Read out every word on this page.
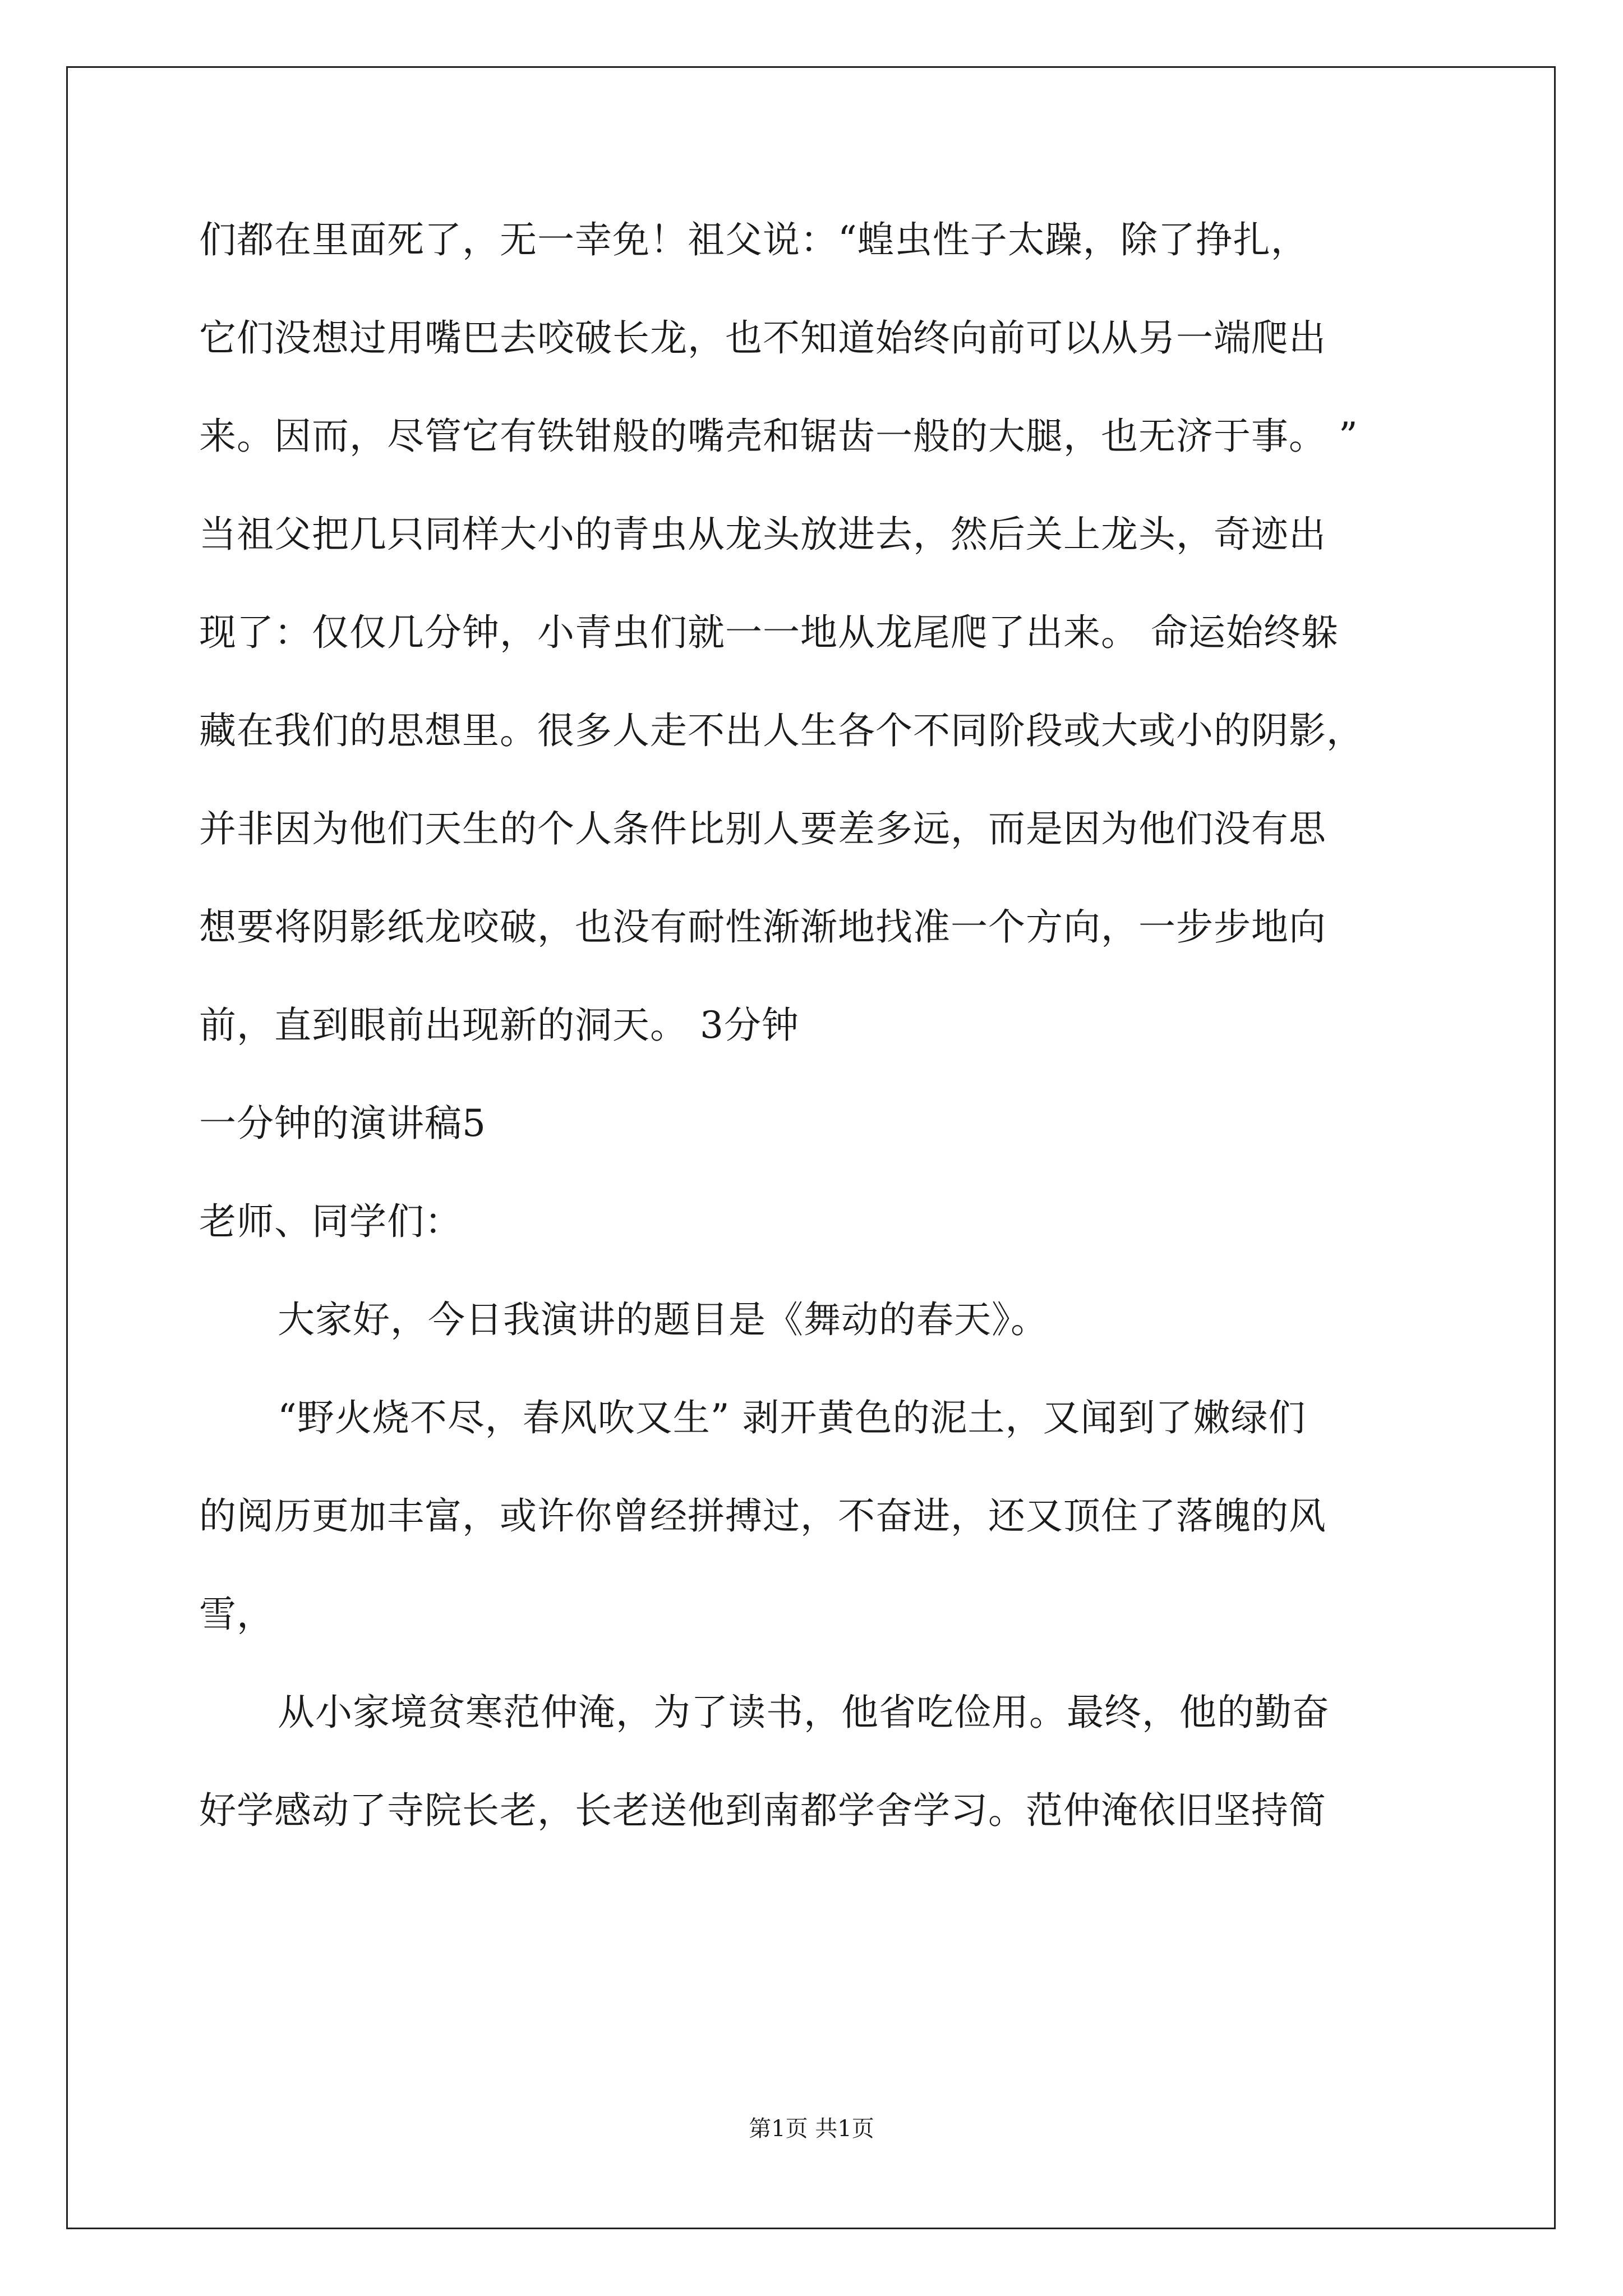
们都在里面死了，无一幸免！祖父说：“蝗虫性子太躁，除了挣扎，
它们没想过用嘴巴去咬破长龙，也不知道始终向前可以从另一端爬出
来。因而，尽管它有铁钳般的嘴壳和锯齿一般的大腿，也无济于事。 ”
当祖父把几只同样大小的青虫从龙头放进去，然后关上龙头，奇迹出
现了：仅仅几分钟，小青虫们就一一地从龙尾爬了出来。 命运始终躲
藏在我们的思想里。很多人走不出人生各个不同阶段或大或小的阴影，
并非因为他们天生的个人条件比别人要差多远，而是因为他们没有思
想要将阴影纸龙咬破，也没有耐性渐渐地找准一个方向，一步步地向
前，直到眼前出现新的洞天。 3分钟
一分钟的演讲稿5
老师、同学们：
大家好，今日我演讲的题目是《舞动的春天》。
“野火烧不尽，春风吹又生” 剥开黄色的泥土，又闻到了嫩绿们
的阅历更加丰富，或许你曾经拼搏过，不奋进，还又顶住了落魄的风
雪，
从小家境贫寒范仲淹，为了读书，他省吃俭用。最终，他的勤奋
好学感动了寺院长老，长老送他到南都学舍学习。范仲淹依旧坚持简
第1页 共1页
